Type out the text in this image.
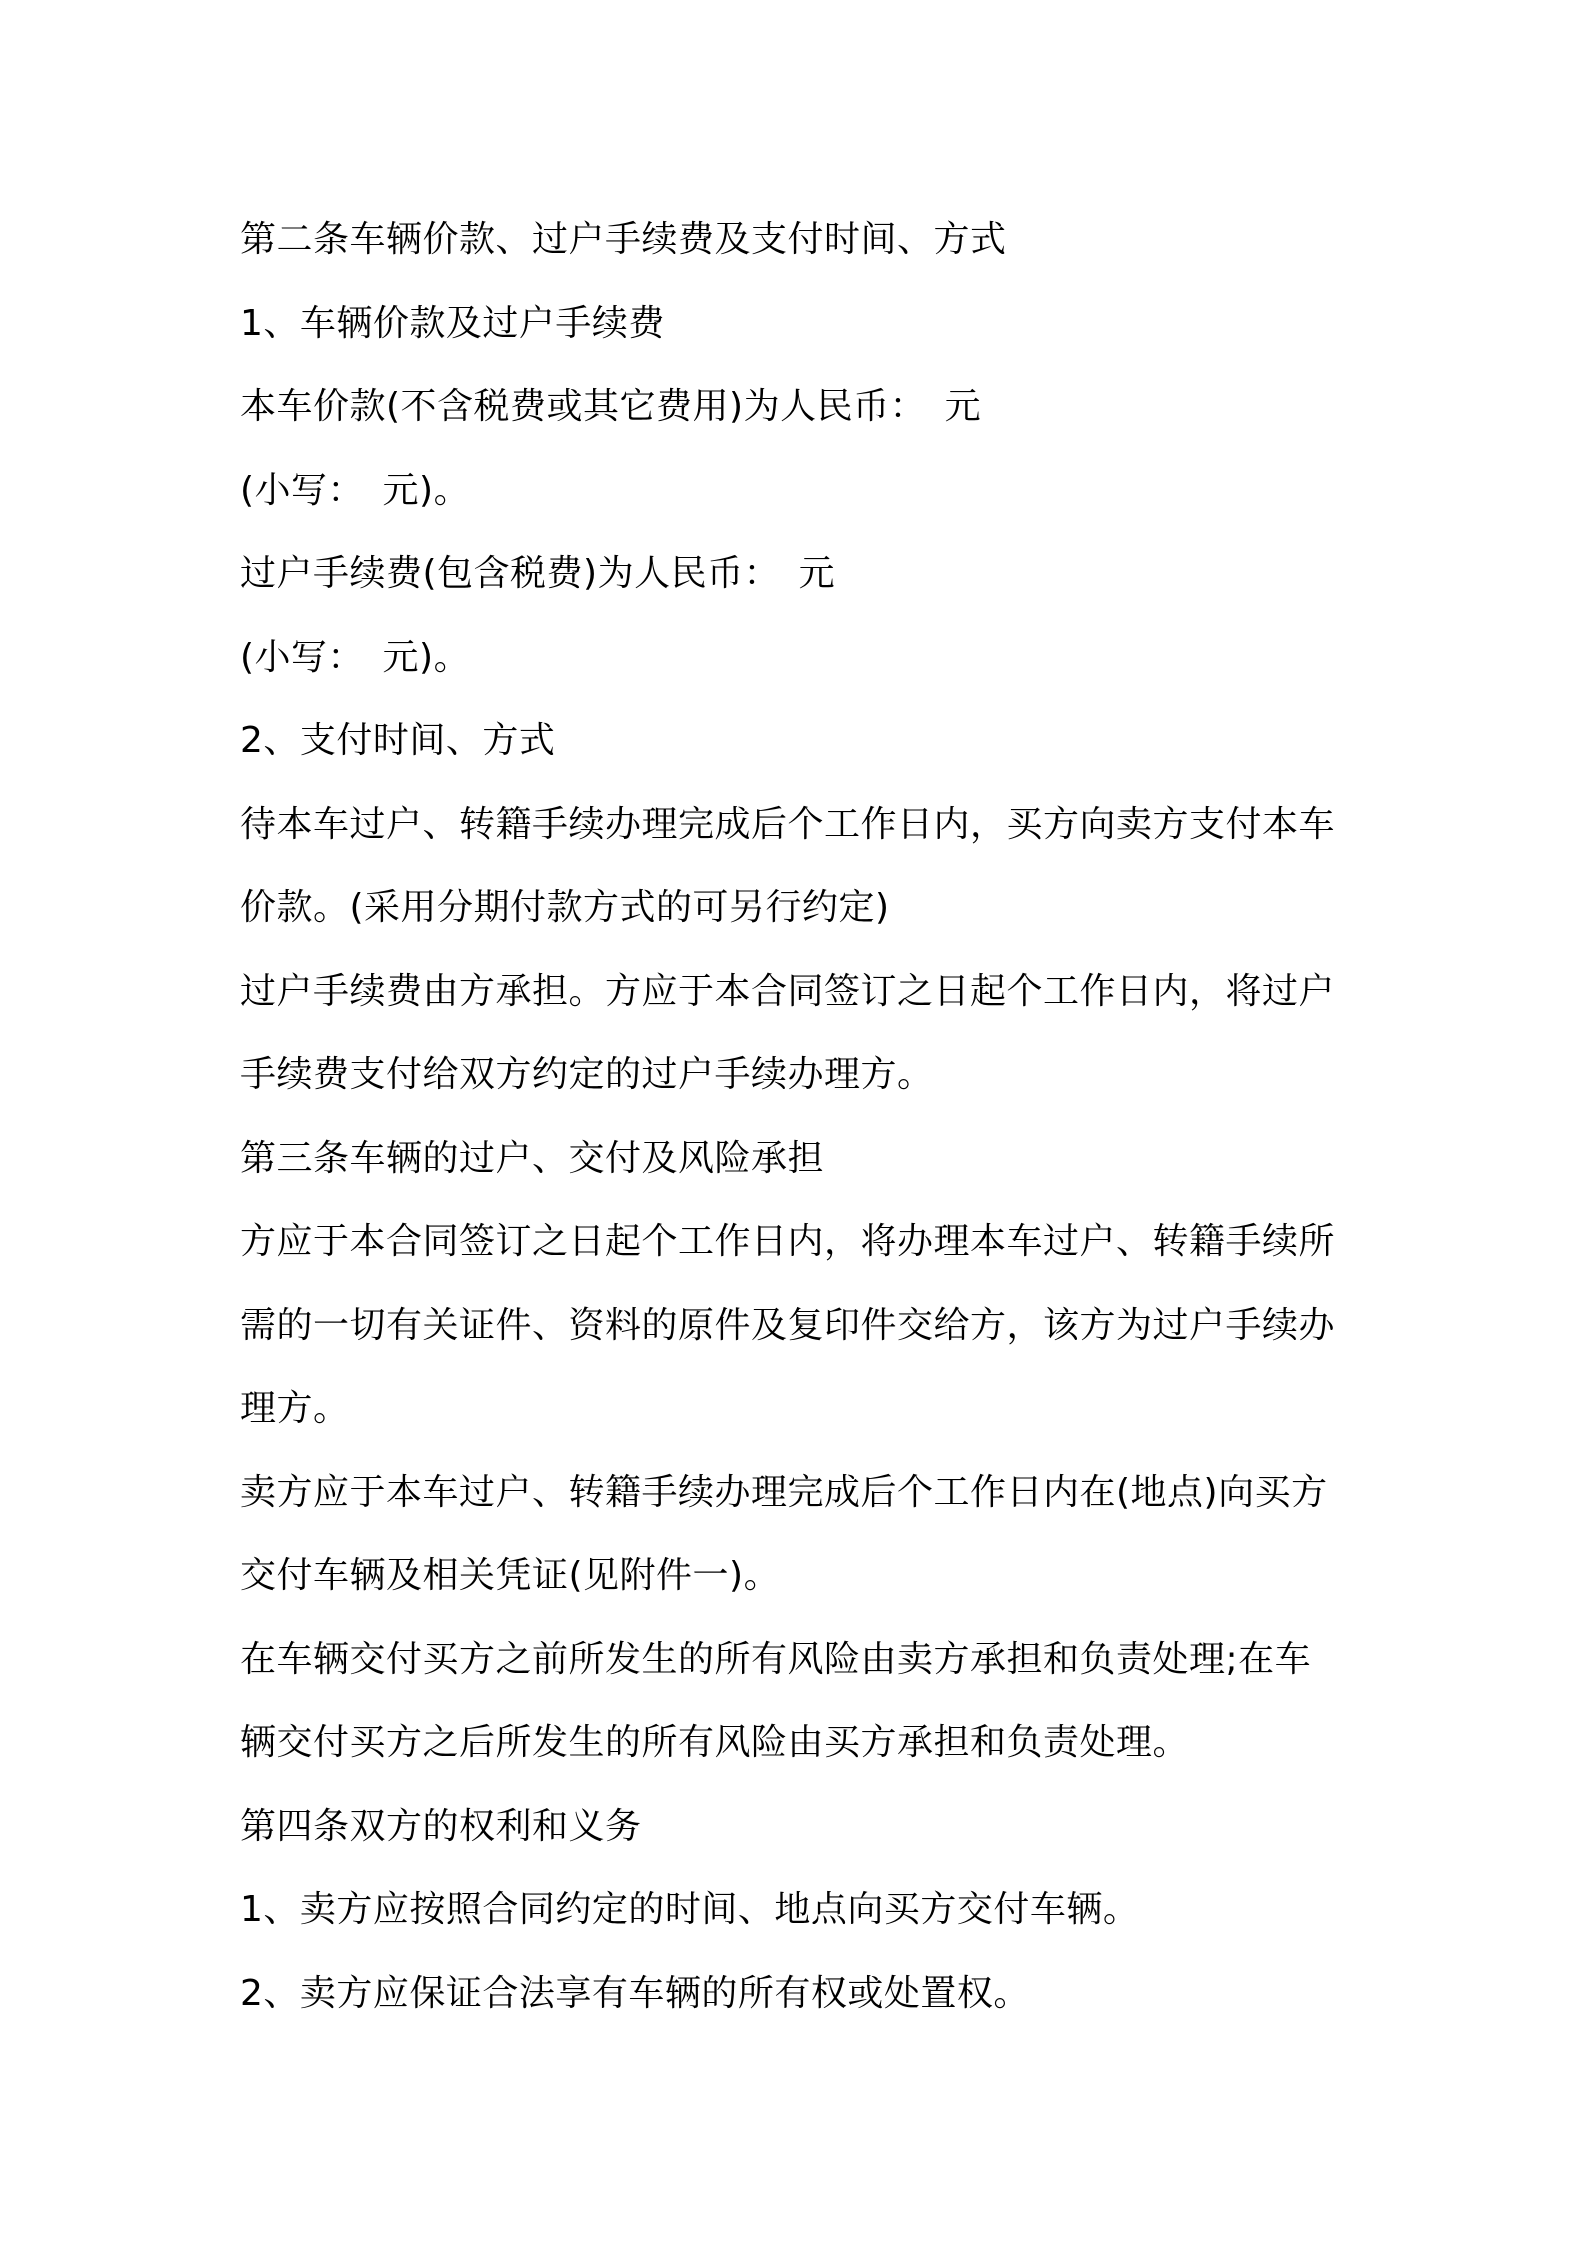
第二条车辆价款、过户手续费及支付时间、方式
1、车辆价款及过户手续费
本车价款(不含税费或其它费用)为人民币：　元
(小写：　元)。
过户手续费(包含税费)为人民币：　元
(小写：　元)。
2、支付时间、方式
待本车过户、转籍手续办理完成后个工作日内，买方向卖方支付本车
价款。(采用分期付款方式的可另行约定)
过户手续费由方承担。方应于本合同签订之日起个工作日内，将过户
手续费支付给双方约定的过户手续办理方。
第三条车辆的过户、交付及风险承担
方应于本合同签订之日起个工作日内，将办理本车过户、转籍手续所
需的一切有关证件、资料的原件及复印件交给方，该方为过户手续办
理方。
卖方应于本车过户、转籍手续办理完成后个工作日内在(地点)向买方
交付车辆及相关凭证(见附件一)。
在车辆交付买方之前所发生的所有风险由卖方承担和负责处理;在车
辆交付买方之后所发生的所有风险由买方承担和负责处理。
第四条双方的权利和义务
1、卖方应按照合同约定的时间、地点向买方交付车辆。
2、卖方应保证合法享有车辆的所有权或处置权。
